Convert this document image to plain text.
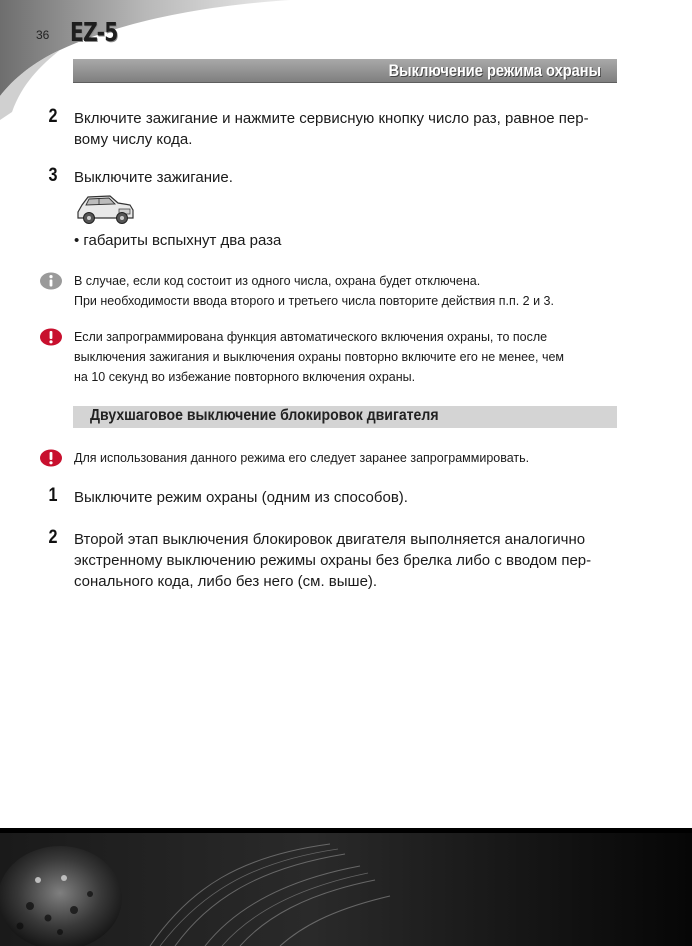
36 EZ-5
Выключение режима охраны
2 Включите зажигание и нажмите сервисную кнопку число раз, равное пер-
вому числу кода.
3 Выключите зажигание.
• габариты вспыхнут два раза
В случае, если код состоит из одного числа, охрана будет отключена.
При необходимости ввода второго и третьего числа повторите действия п.п. 2 и 3.
Если запрограммирована функция автоматического включения охраны, то после
выключения зажигания и выключения охраны повторно включите его не менее, чем
на 10 секунд во избежание повторного включения охраны.
Двухшаговое выключение блокировок двигателя
Для использования данного режима его следует заранее запрограммировать.
1 Выключите режим охраны (одним из способов).
2 Второй этап выключения блокировок двигателя выполняется аналогично
экстренному выключению режимы охраны без брелка либо с вводом пер-
сонального кода, либо без него (см. выше).
